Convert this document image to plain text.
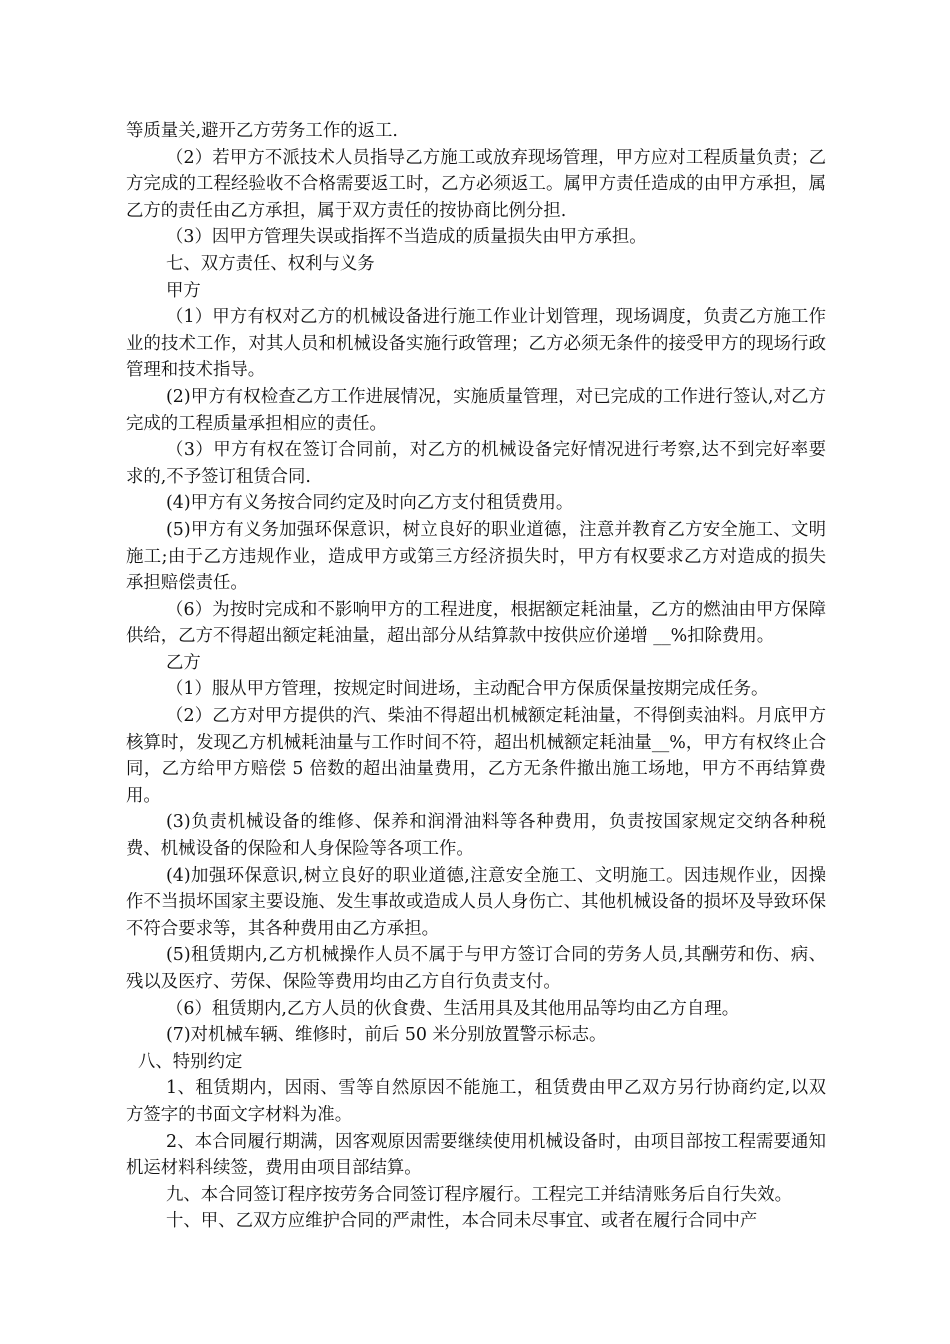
等质量关,避开乙方劳务工作的返工.

（2）若甲方不派技术人员指导乙方施工或放弃现场管理，甲方应对工程质量负责；乙方完成的工程经验收不合格需要返工时，乙方必须返工。属甲方责任造成的由甲方承担，属乙方的责任由乙方承担，属于双方责任的按协商比例分担.

（3）因甲方管理失误或指挥不当造成的质量损失由甲方承担。

七、双方责任、权利与义务

甲方

（1）甲方有权对乙方的机械设备进行施工作业计划管理，现场调度，负责乙方施工作业的技术工作，对其人员和机械设备实施行政管理；乙方必须无条件的接受甲方的现场行政管理和技术指导。

(2)甲方有权检查乙方工作进展情况，实施质量管理，对已完成的工作进行签认,对乙方完成的工程质量承担相应的责任。

（3）甲方有权在签订合同前，对乙方的机械设备完好情况进行考察,达不到完好率要求的,不予签订租赁合同.

(4)甲方有义务按合同约定及时向乙方支付租赁费用。

(5)甲方有义务加强环保意识，树立良好的职业道德，注意并教育乙方安全施工、文明施工;由于乙方违规作业，造成甲方或第三方经济损失时，甲方有权要求乙方对造成的损失承担赔偿责任。

（6）为按时完成和不影响甲方的工程进度，根据额定耗油量，乙方的燃油由甲方保障供给，乙方不得超出额定耗油量，超出部分从结算款中按供应价递增 __%扣除费用。

乙方

（1）服从甲方管理，按规定时间进场，主动配合甲方保质保量按期完成任务。

（2）乙方对甲方提供的汽、柴油不得超出机械额定耗油量，不得倒卖油料。月底甲方核算时，发现乙方机械耗油量与工作时间不符，超出机械额定耗油量__%，甲方有权终止合同，乙方给甲方赔偿 5 倍数的超出油量费用，乙方无条件撤出施工场地，甲方不再结算费用。

(3)负责机械设备的维修、保养和润滑油料等各种费用，负责按国家规定交纳各种税费、机械设备的保险和人身保险等各项工作。

(4)加强环保意识,树立良好的职业道德,注意安全施工、文明施工。因违规作业，因操作不当损坏国家主要设施、发生事故或造成人员人身伤亡、其他机械设备的损坏及导致环保不符合要求等，其各种费用由乙方承担。

(5)租赁期内,乙方机械操作人员不属于与甲方签订合同的劳务人员,其酬劳和伤、病、残以及医疗、劳保、保险等费用均由乙方自行负责支付。

（6）租赁期内,乙方人员的伙食费、生活用具及其他用品等均由乙方自理。

(7)对机械车辆、维修时，前后 50 米分别放置警示标志。

八、特别约定

1、租赁期内，因雨、雪等自然原因不能施工，租赁费由甲乙双方另行协商约定,以双方签字的书面文字材料为准。

2、本合同履行期满，因客观原因需要继续使用机械设备时，由项目部按工程需要通知机运材料科续签，费用由项目部结算。

九、本合同签订程序按劳务合同签订程序履行。工程完工并结清账务后自行失效。

十、甲、乙双方应维护合同的严肃性，本合同未尽事宜、或者在履行合同中产
